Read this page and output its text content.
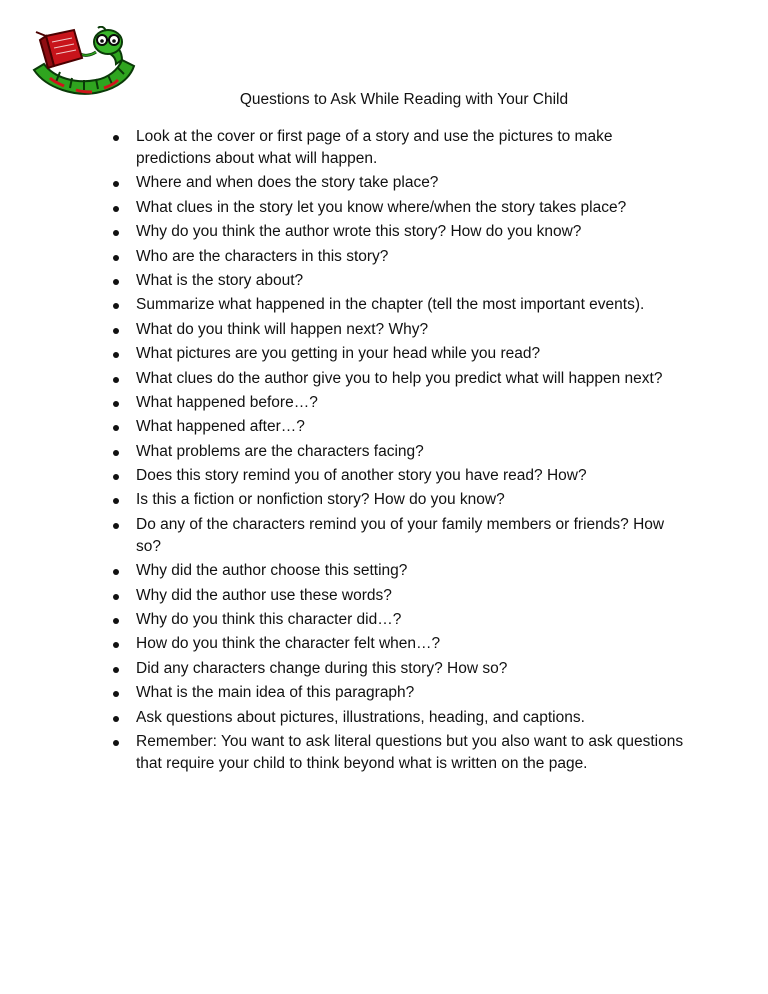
Questions to Ask While Reading with Your Child
Look at the cover or first page of a story and use the pictures to make predictions about what will happen.
Where and when does the story take place?
What clues in the story let you know where/when the story takes place?
Why do you think the author wrote this story? How do you know?
Who are the characters in this story?
What is the story about?
Summarize what happened in the chapter (tell the most important events).
What do you think will happen next? Why?
What pictures are you getting in your head while you read?
What clues do the author give you to help you predict what will happen next?
What happened before…?
What happened after…?
What problems are the characters facing?
Does this story remind you of another story you have read? How?
Is this a fiction or nonfiction story? How do you know?
Do any of the characters remind you of your family members or friends? How so?
Why did the author choose this setting?
Why did the author use these words?
Why do you think this character did…?
How do you think the character felt when…?
Did any characters change during this story? How so?
What is the main idea of this paragraph?
Ask questions about pictures, illustrations, heading, and captions.
Remember: You want to ask literal questions but you also want to ask questions that require your child to think beyond what is written on the page.
